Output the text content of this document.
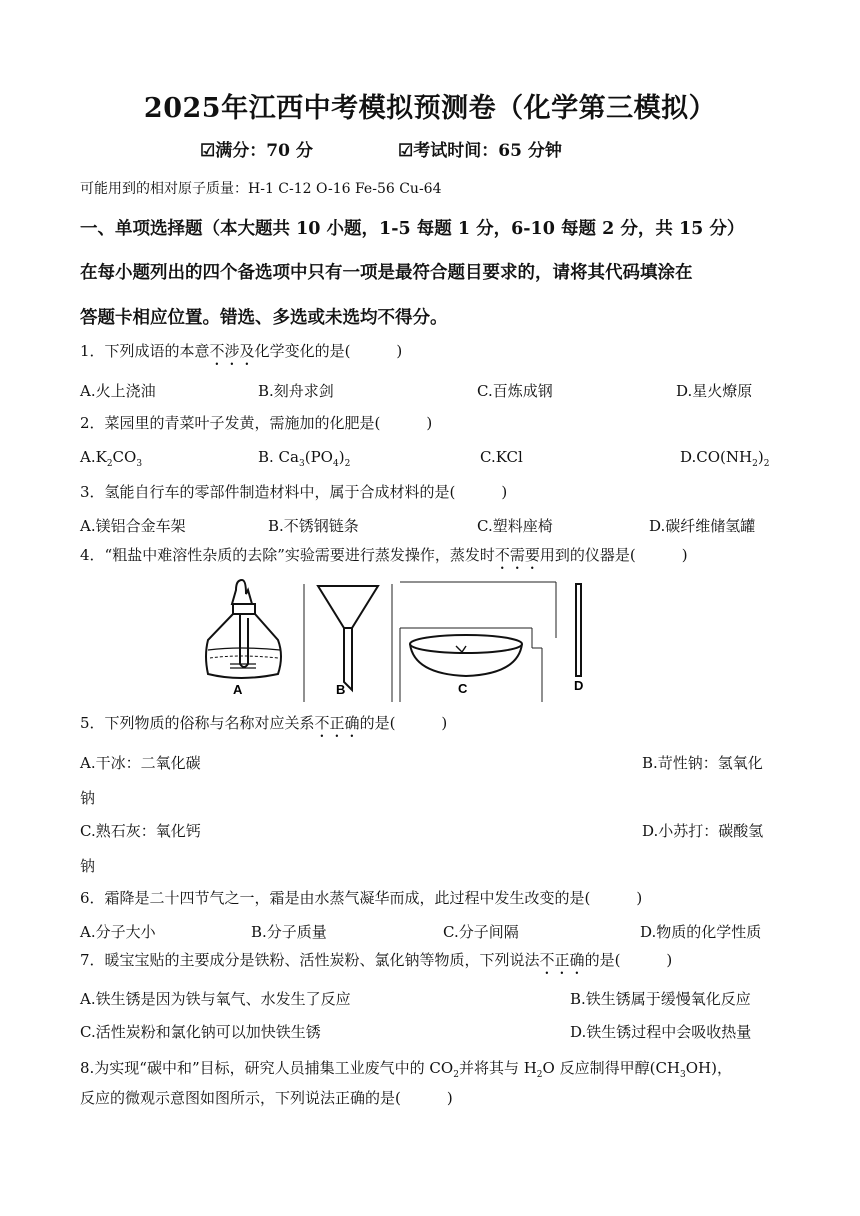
2025年江西中考模拟预测卷（化学第三模拟）
☑满分：70 分	☑考试时间：65 分钟
可能用到的相对原子质量：H-1 C-12 O-16 Fe-56 Cu-64
一、单项选择题（本大题共 10 小题，1-5 每题 1 分，6-10 每题 2 分，共 15 分）
在每小题列出的四个备选项中只有一项是最符合题目要求的，请将其代码填涂在
答题卡相应位置。错选、多选或未选均不得分。
1．下列成语的本意不涉及化学变化的是(	)
A.火上浇油	B.刻舟求剑	C.百炼成钢	D.星火燎原
2．菜园里的青菜叶子发黄，需施加的化肥是(	)
$A.K_2CO_3$	B. $Ca_3(PO_4)_2$	C.KCl	$D.CO(NH_2)_2$
3．氢能自行车的零部件制造材料中，属于合成材料的是(	)
A.镁铝合金车架	B.不锈钢链条	C.塑料座椅	D.碳纤维储氢罐
4．“粗盐中难溶性杂质的去除”实验需要进行蒸发操作，蒸发时不需要用到的仪器是(	)
A	B	C	D
5．下列物质的俗称与名称对应关系不正确的是(	)
A.干冰：二氧化碳	B.苛性钠：氢氧化
钠
C.熟石灰：氧化钙	D.小苏打：碳酸氢
钠
6．霜降是二十四节气之一，霜是由水蒸气凝华而成，此过程中发生改变的是(	)
A.分子大小	B.分子质量	C.分子间隔	D.物质的化学性质
7．暖宝宝贴的主要成分是铁粉、活性炭粉、氯化钠等物质，下列说法不正确的是(	)
A.铁生锈是因为铁与氧气、水发生了反应	B.铁生锈属于缓慢氧化反应
C.活性炭粉和氯化钠可以加快铁生锈	D.铁生锈过程中会吸收热量
8.为实现“碳中和”目标，研究人员捕集工业废气中的 $CO_2$并将其与 $H_2O$ 反应制得甲醇$(CH_3OH)$，
反应的微观示意图如图所示，下列说法正确的是(	)
